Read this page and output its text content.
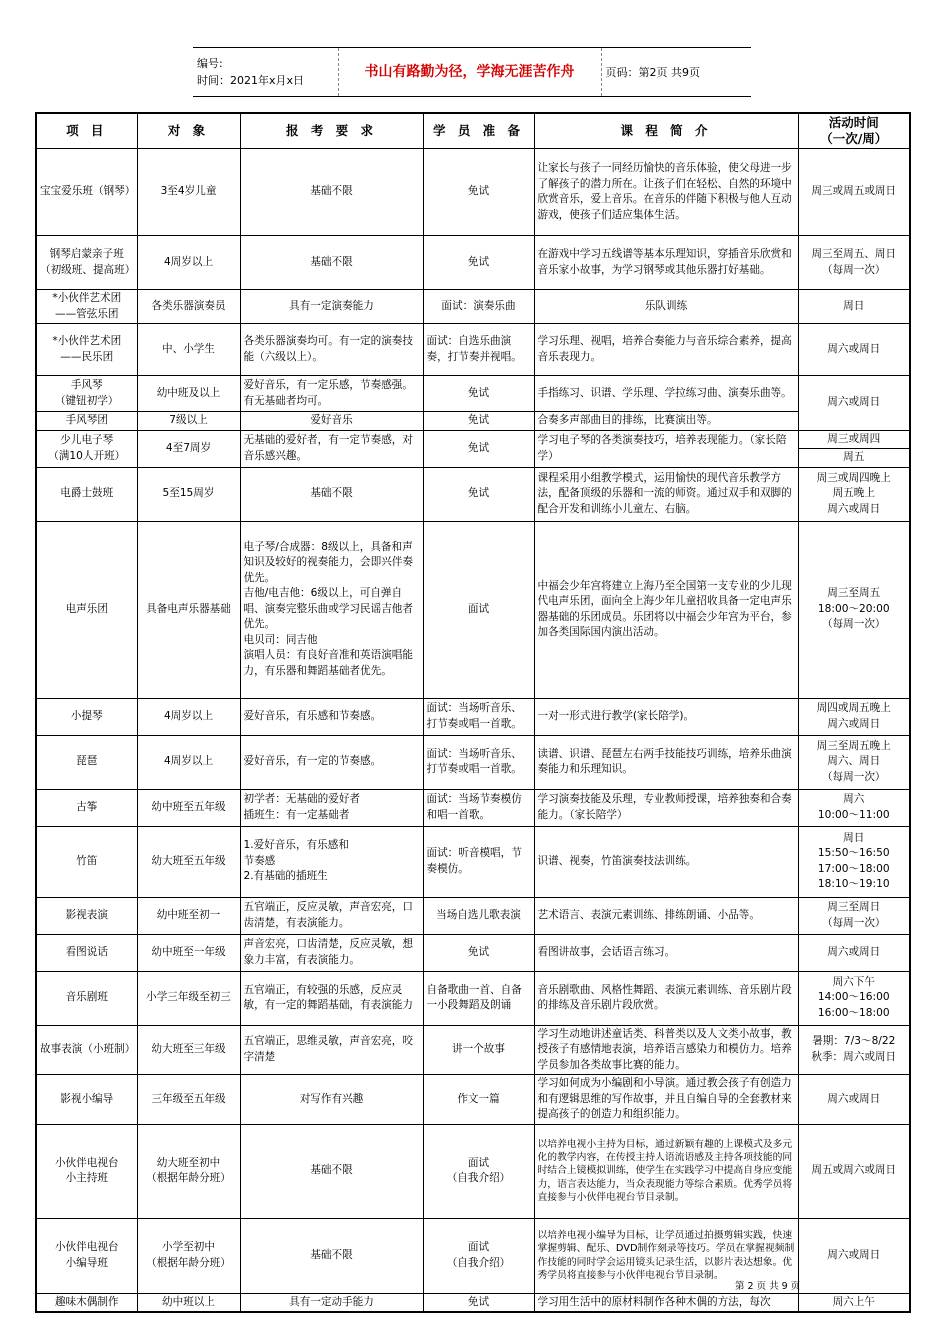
编号:
时间：2021年x月x日
	书山有路勤为径，学海无涯苦作舟	页码：第2页 共9页
项 目	对 象	报 考 要 求	学 员 准 备	课 程 简 介	活动时间
（一次/周）
宝宝爱乐班（钢琴）	3至4岁儿童	基础不限	免试	让家长与孩子一同经历愉快的音乐体验，使父母进一步了解孩子的潜力所在。让孩子们在轻松、自然的环境中欣赏音乐，爱上音乐。在音乐的伴随下积极与他人互动游戏，使孩子们适应集体生活。	周三或周五或周日
钢琴启蒙亲子班（初级班、提高班）	4周岁以上	基础不限	免试	在游戏中学习五线谱等基本乐理知识，穿插音乐欣赏和音乐家小故事，为学习钢琴或其他乐器打好基础。	周三至周五、周日
（每周一次）
*小伙伴艺术团
——管弦乐团	各类乐器演奏员	具有一定演奏能力	面试：演奏乐曲	乐队训练	周日
*小伙伴艺术团
——民乐团	中、小学生	各类乐器演奏均可。有一定的演奏技能（六级以上）。	面试：自选乐曲演奏，打节奏并视唱。	学习乐理、视唱，培养合奏能力与音乐综合素养，提高音乐表现力。	周六或周日
手风琴
（键钮初学）	幼中班及以上	爱好音乐，有一定乐感，节奏感强。有无基础者均可。	免试	手指练习、识谱、学乐理、学拉练习曲、演奏乐曲等。	周六或周日
手风琴团	7级以上	爱好音乐	免试	合奏多声部曲目的排练，比赛演出等。	
少儿电子琴
（满10人开班）	4至7周岁	无基础的爱好者，有一定节奏感，对音乐感兴趣。	免试	学习电子琴的各类演奏技巧，培养表现能力。（家长陪学）	周三或周四
					周五
电爵士鼓班	5至15周岁	基础不限	免试	课程采用小组教学模式，运用愉快的现代音乐教学方法，配备顶级的乐器和一流的师资。通过双手和双脚的配合开发和训练小儿童左、右脑。	周三或周四晚上
周五晚上
周六或周日
电声乐团	具备电声乐器基础	电子琴/合成器：8级以上，具备和声知识及较好的视奏能力，会即兴伴奏优先。
吉他/电吉他：6级以上，可自弹自唱、演奏完整乐曲或学习民谣吉他者优先。
电贝司：同吉他
演唱人员：有良好音准和英语演唱能力，有乐器和舞蹈基础者优先。	面试	中福会少年宫将建立上海乃至全国第一支专业的少儿现代电声乐团，面向全上海少年儿童招收具备一定电声乐器基础的乐团成员。乐团将以中福会少年宫为平台，参加各类国际国内演出活动。	周三至周五
18:00～20:00
（每周一次）
小提琴	4周岁以上	爱好音乐，有乐感和节奏感。	面试：当场听音乐、打节奏或唱一首歌。	一对一形式进行教学(家长陪学)。	周四或周五晚上
周六或周日
琵琶	4周岁以上	爱好音乐，有一定的节奏感。	面试：当场听音乐、打节奏或唱一首歌。	读谱、识谱、琵琶左右两手技能技巧训练，培养乐曲演奏能力和乐理知识。	周三至周五晚上
周六、周日
（每周一次）
古筝	幼中班至五年级	初学者：无基础的爱好者
插班生：有一定基础者	面试：当场节奏模仿和唱一首歌。	学习演奏技能及乐理，专业教师授课，培养独奏和合奏能力。（家长陪学）	周六
10:00～11:00
竹笛	幼大班至五年级	1.爱好音乐，有乐感和
节奏感
2.有基础的插班生	面试：听音模唱，节奏模仿。	识谱、视奏，竹笛演奏技法训练。	周日
15:50～16:50
17:00～18:00
18:10～19:10
影视表演	幼中班至初一	五官端正，反应灵敏，声音宏亮，口齿清楚，有表演能力。	当场自选儿歌表演	艺术语言、表演元素训练、排练朗诵、小品等。	周三至周日
（每周一次）
看图说话	幼中班至一年级	声音宏亮，口齿清楚，反应灵敏，想象力丰富，有表演能力。	免试	看图讲故事，会话语言练习。	周六或周日
音乐剧班	小学三年级至初三	五官端正，有较强的乐感，反应灵敏，有一定的舞蹈基础，有表演能力	自备歌曲一首、自备一小段舞蹈及朗诵	音乐剧歌曲、风格性舞蹈、表演元素训练、音乐剧片段的排练及音乐剧片段欣赏。	周六下午
14:00～16:00
16:00～18:00
故事表演（小班制）	幼大班至三年级	五官端正，思维灵敏，声音宏亮，咬字清楚	讲一个故事	学习生动地讲述童话类、科普类以及人文类小故事，教授孩子有感情地表演，培养语言感染力和模仿力。培养学员参加各类故事比赛的能力。	暑期：7/3～8/22
秋季：周六或周日
影视小编导	三年级至五年级	对写作有兴趣	作文一篇	学习如何成为小编剧和小导演。通过教会孩子有创造力和有逻辑思维的写作故事，并且自编自导的全套教材来提高孩子的创造力和组织能力。	周六或周日
小伙伴电视台
小主持班	幼大班至初中
（根据年龄分班）	基础不限	面试
（自我介绍）	以培养电视小主持为目标，通过新颖有趣的上课模式及多元化的教学内容，在传授主持人语流语感及主持各项技能的同时结合上镜模拟训练，使学生在实践学习中提高自身应变能力，语言表达能力，当众表现能力等综合素质。优秀学员将直接参与小伙伴电视台节目录制。	周五或周六或周日
小伙伴电视台
小编导班	小学至初中
（根据年龄分班）	基础不限	面试
（自我介绍）	以培养电视小编导为目标，让学员通过拍摄剪辑实践，快速掌握剪辑、配乐、DVD制作刻录等技巧。学员在掌握视频制作技能的同时学会运用镜头记录生活，以影片表达想象。优秀学员将直接参与小伙伴电视台节目录制。	周六或周日
趣味木偶制作	幼中班以上	具有一定动手能力	免试	学习用生活中的原材料制作各种木偶的方法，每次	周六上午
第 2 页 共 9 页
